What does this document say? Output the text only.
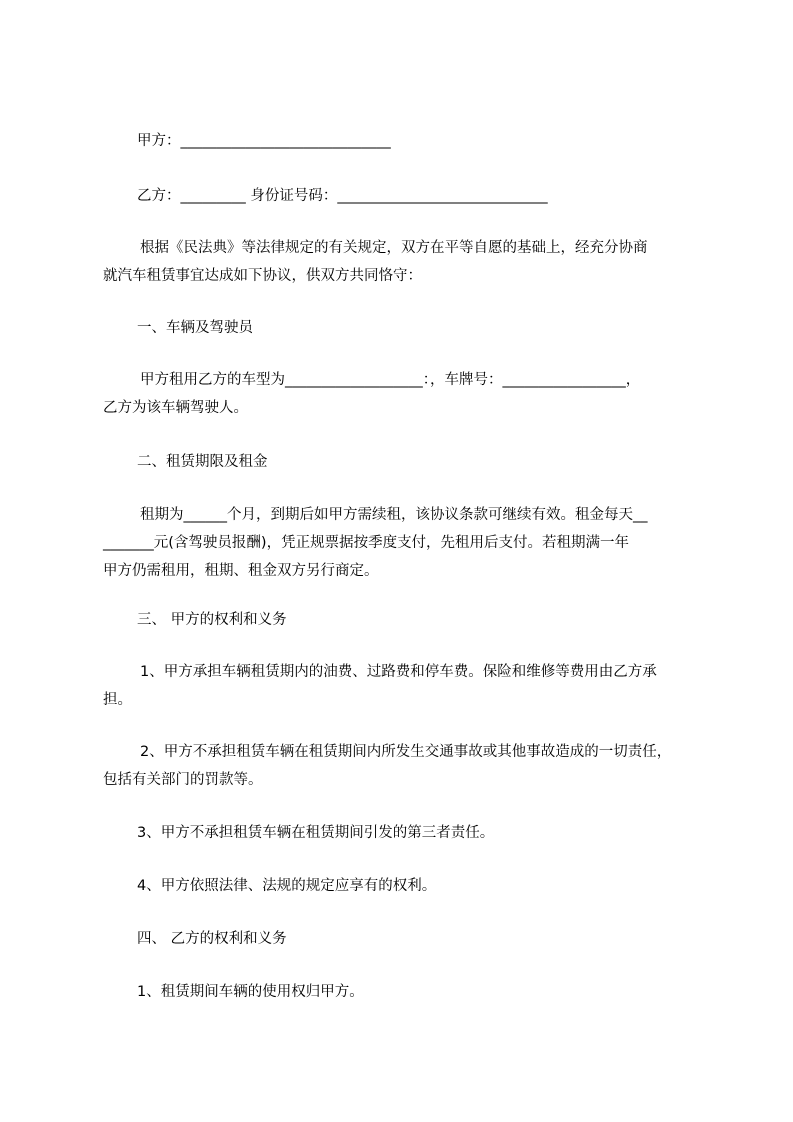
甲方：_____________________________
乙方：_________ 身份证号码：_____________________________
根据《民法典》等法律规定的有关规定，双方在平等自愿的基础上，经充分协商
就汽车租赁事宜达成如下协议，供双方共同恪守：
一、车辆及驾驶员
甲方租用乙方的车型为___________________：，车牌号：_________________，
乙方为该车辆驾驶人。
二、租赁期限及租金
租期为______个月，到期后如甲方需续租，该协议条款可继续有效。租金每天__
_______元(含驾驶员报酬)，凭正规票据按季度支付，先租用后支付。若租期满一年
甲方仍需租用，租期、租金双方另行商定。
三、 甲方的权利和义务
1、甲方承担车辆租赁期内的油费、过路费和停车费。保险和维修等费用由乙方承
担。
2、甲方不承担租赁车辆在租赁期间内所发生交通事故或其他事故造成的一切责任，
包括有关部门的罚款等。
3、甲方不承担租赁车辆在租赁期间引发的第三者责任。
4、甲方依照法律、法规的规定应享有的权利。
四、 乙方的权利和义务
1、租赁期间车辆的使用权归甲方。
